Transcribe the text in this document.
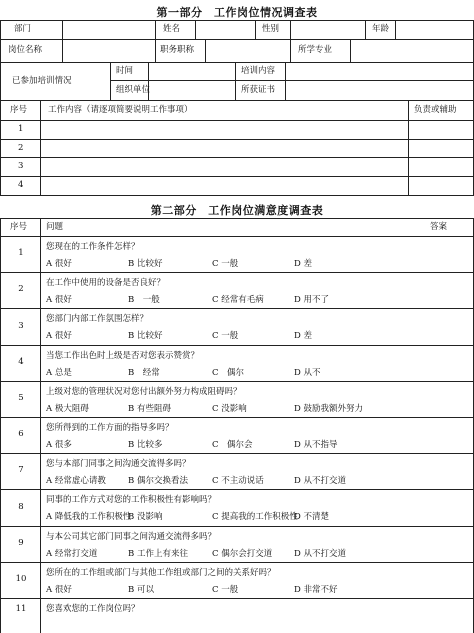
第一部分　工作岗位情况调查表
部门	姓名	性别	年龄
岗位名称	职务职称	所学专业
已参加培训情况
时间	培训内容
组织单位	所获证书
序号 工作内容（请逐项简要说明工作事项）	负责或辅助
1
2
3
4
第二部分　工作岗位满意度调查表
序号 问题	答案
1
您现在的工作条件怎样？
A 很好	B 比较好	C 一般	D 差
2
在工作中使用的设备是否良好？
A 很好	B　一般	C 经常有毛病	D 用不了
3
您部门内部工作氛围怎样？
A 很好	B 比较好	C 一般	D 差
4
当您工作出色时上级是否对您表示赞赏？
A 总是	B　经常	C　偶尔	D 从不
5
上级对您的管理状况对您付出额外努力构成阻碍吗？
A 极大阻碍	B 有些阻碍	C 没影响	D 鼓励我额外努力
6
您所得到的工作方面的指导多吗？
A 很多	B 比较多	C　偶尔会	D 从不指导
7
您与本部门同事之间沟通交流得多吗？
A 经常虚心请教	B 偶尔交换看法	C 不主动说话	D 从不打交道
8
同事的工作方式对您的工作积极性有影响吗？
A 降低我的工作积极性
B 没影响	C 提高我的工作积极性
D 不清楚
9
与本公司其它部门同事之间沟通交流得多吗？
A 经常打交道	B 工作上有来往	C 偶尔会打交道	D 从不打交道
10
您所在的工作组或部门与其他工作组或部门之间的关系好吗？
A 很好	B 可以	C 一般	D 非常不好
11	您喜欢您的工作岗位吗？
